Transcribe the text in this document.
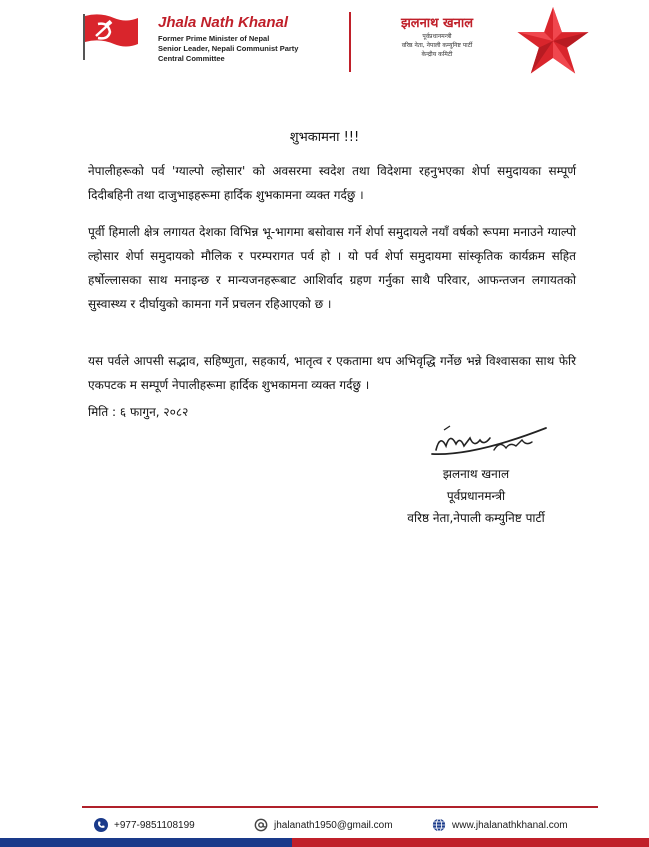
Jhala Nath Khanal
Former Prime Minister of Nepal
Senior Leader, Nepali Communist Party
Central Committee
झलनाथ खनाल
पूर्वप्रधानमन्त्री
वरिष्ठ नेता, नेपाली कम्युनिष्ट पार्टी
केन्द्रीय कमिटी
शुभकामना !!!
नेपालीहरूको पर्व 'ग्याल्पो ल्होसार' को अवसरमा स्वदेश तथा विदेशमा रहनुभएका शेर्पा समुदायका सम्पूर्ण दिदीबहिनी तथा दाजुभाइहरूमा हार्दिक शुभकामना व्यक्त गर्दछु ।
पूर्वी हिमाली क्षेत्र लगायत देशका विभिन्न भू-भागमा बसोवास गर्ने शेर्पा समुदायले नयाँ वर्षको रूपमा मनाउने ग्याल्पो ल्होसार शेर्पा समुदायको मौलिक र परम्परागत पर्व हो । यो पर्व शेर्पा समुदायमा सांस्कृतिक कार्यक्रम सहित हर्षोल्लासका साथ मनाइन्छ र मान्यजनहरूबाट आशिर्वाद ग्रहण गर्नुका साथै परिवार, आफन्तजन लगायतको सुस्वास्थ्य र दीर्घायुको कामना गर्ने प्रचलन रहिआएको छ ।
यस पर्वले आपसी सद्भाव, सहिष्णुता, सहकार्य, भातृत्व र एकतामा थप अभिवृद्धि गर्नेछ भन्ने विश्वासका साथ फेरि एकपटक म सम्पूर्ण नेपालीहरूमा हार्दिक शुभकामना व्यक्त गर्दछु ।
मिति : ६ फागुन, २०८२
झलनाथ खनाल
पूर्वप्रधानमन्त्री
वरिष्ठ नेता,नेपाली कम्युनिष्ट पार्टी
+977-9851108199	jhalanath1950@gmail.com	www.jhalanathkhanal.com
